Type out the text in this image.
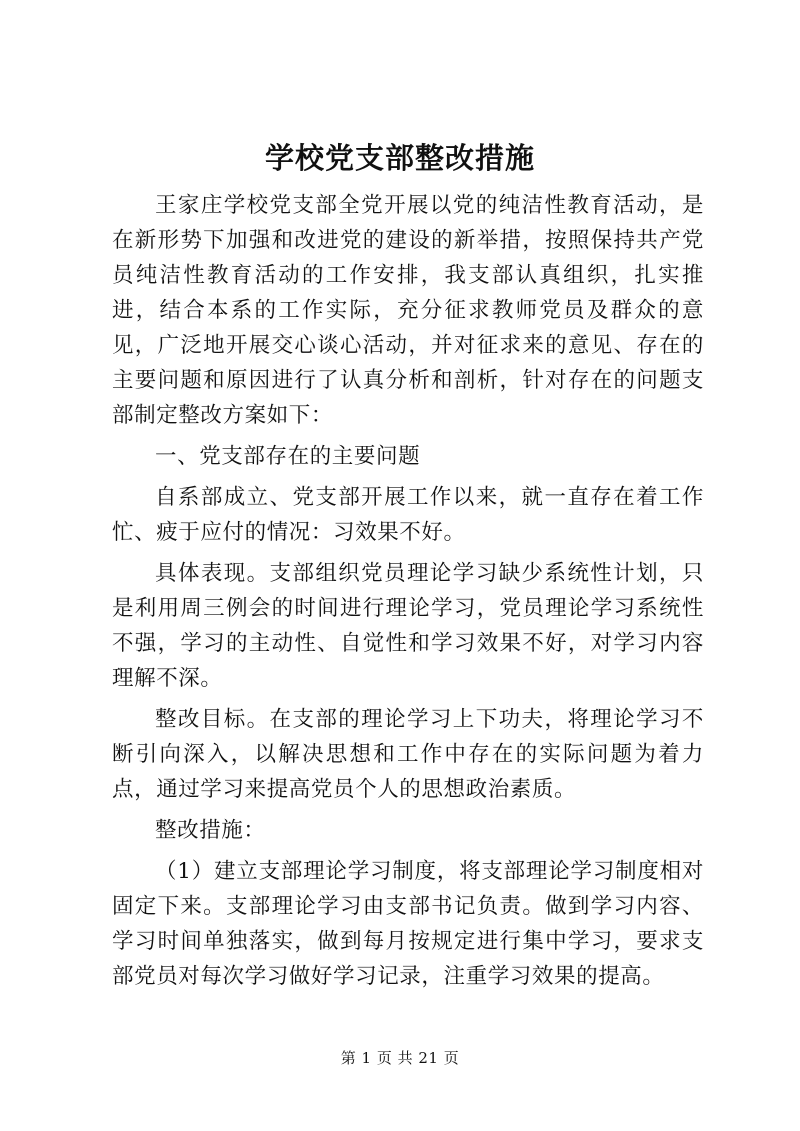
学校党支部整改措施

王家庄学校党支部全党开展以党的纯洁性教育活动，是在新形势下加强和改进党的建设的新举措，按照保持共产党员纯洁性教育活动的工作安排，我支部认真组织，扎实推进，结合本系的工作实际，充分征求教师党员及群众的意见，广泛地开展交心谈心活动，并对征求来的意见、存在的主要问题和原因进行了认真分析和剖析，针对存在的问题支部制定整改方案如下：

一、党支部存在的主要问题

自系部成立、党支部开展工作以来，就一直存在着工作忙、疲于应付的情况：习效果不好。

具体表现。支部组织党员理论学习缺少系统性计划，只是利用周三例会的时间进行理论学习，党员理论学习系统性不强，学习的主动性、自觉性和学习效果不好，对学习内容理解不深。

整改目标。在支部的理论学习上下功夫，将理论学习不断引向深入，以解决思想和工作中存在的实际问题为着力点，通过学习来提高党员个人的思想政治素质。

整改措施：

（1）建立支部理论学习制度，将支部理论学习制度相对固定下来。支部理论学习由支部书记负责。做到学习内容、学习时间单独落实，做到每月按规定进行集中学习，要求支部党员对每次学习做好学习记录，注重学习效果的提高。

第 1 页 共 21 页
